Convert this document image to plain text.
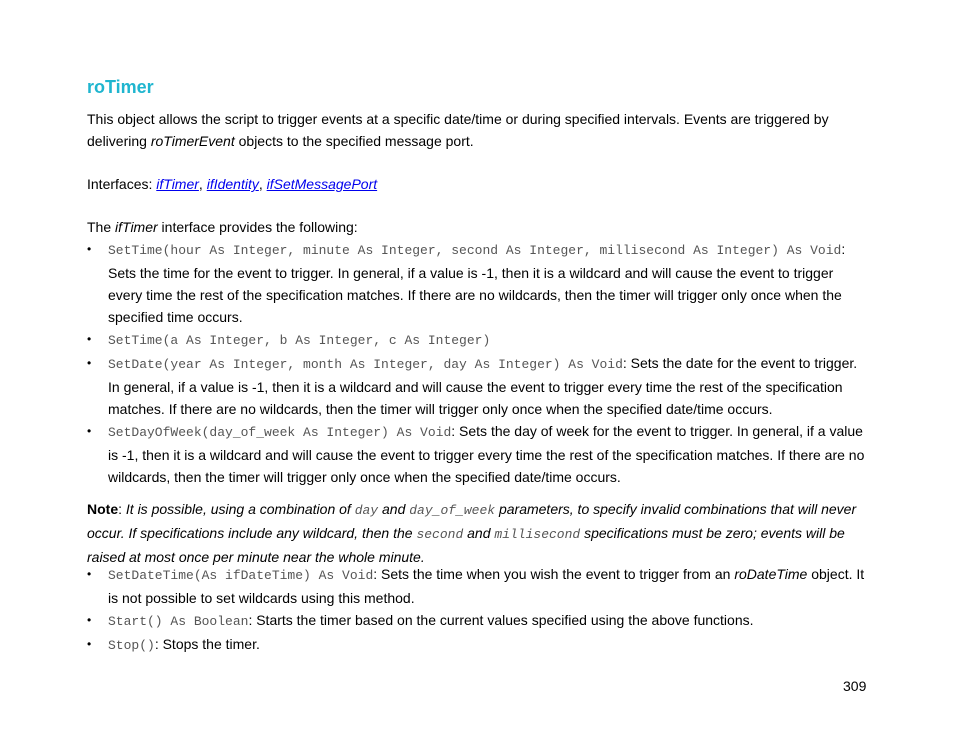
roTimer

This object allows the script to trigger events at a specific date/time or during specified intervals. Events are triggered by delivering roTimerEvent objects to the specified message port.

Interfaces: ifTimer, ifIdentity, ifSetMessagePort

The ifTimer interface provides the following:

• SetTime(hour As Integer, minute As Integer, second As Integer, millisecond As Integer) As Void: Sets the time for the event to trigger. In general, if a value is -1, then it is a wildcard and will cause the event to trigger every time the rest of the specification matches. If there are no wildcards, then the timer will trigger only once when the specified time occurs.
• SetTime(a As Integer, b As Integer, c As Integer)
• SetDate(year As Integer, month As Integer, day As Integer) As Void: Sets the date for the event to trigger. In general, if a value is -1, then it is a wildcard and will cause the event to trigger every time the rest of the specification matches. If there are no wildcards, then the timer will trigger only once when the specified date/time occurs.
• SetDayOfWeek(day_of_week As Integer) As Void: Sets the day of week for the event to trigger. In general, if a value is -1, then it is a wildcard and will cause the event to trigger every time the rest of the specification matches. If there are no wildcards, then the timer will trigger only once when the specified date/time occurs.

Note: It is possible, using a combination of day and day_of_week parameters, to specify invalid combinations that will never occur. If specifications include any wildcard, then the second and millisecond specifications must be zero; events will be raised at most once per minute near the whole minute.

• SetDateTime(As ifDateTime) As Void: Sets the time when you wish the event to trigger from an roDateTime object. It is not possible to set wildcards using this method.
• Start() As Boolean: Starts the timer based on the current values specified using the above functions.
• Stop(): Stops the timer.
309
